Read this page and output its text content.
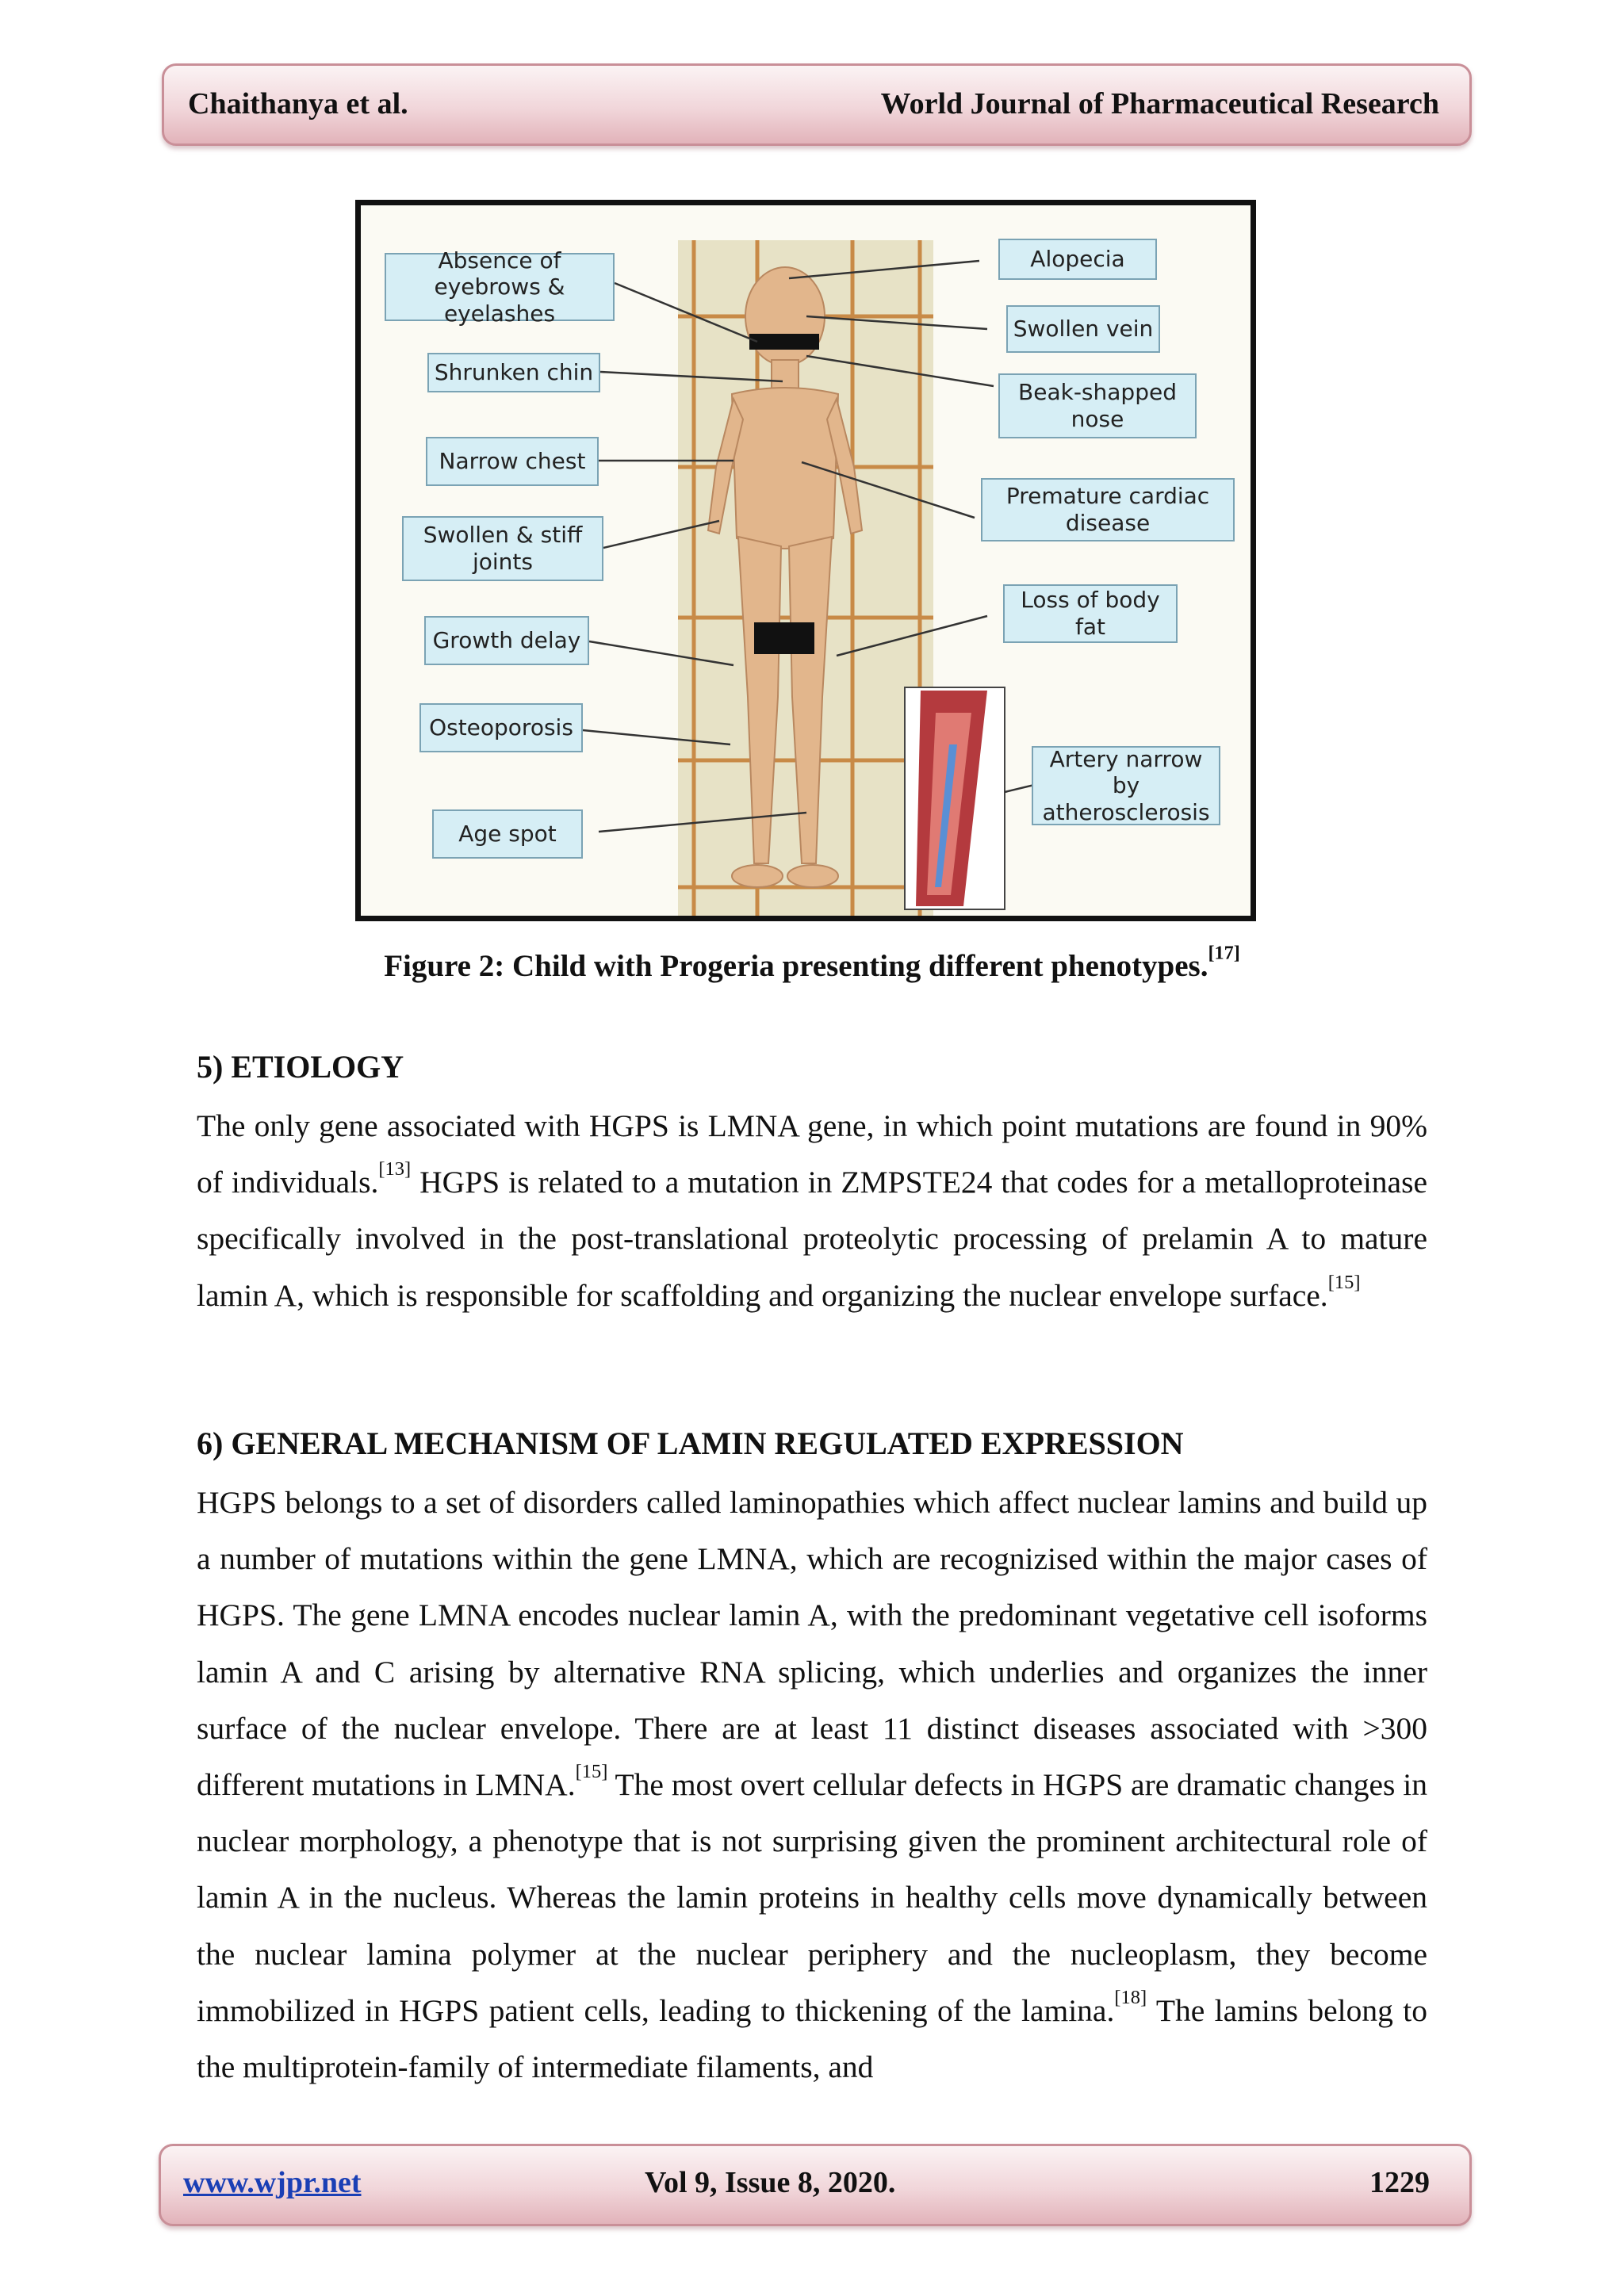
Chaithanya et al.	World Journal of Pharmaceutical Research
Absence of eyebrows & eyelashes
Shrunken chin
Narrow chest
Swollen & stiff joints
Growth delay
Osteoporosis
Age spot
Alopecia
Swollen vein
Beak-shapped nose
Premature cardiac disease
Loss of body fat
Artery narrow by atherosclerosis
Figure 2: Child with Progeria presenting different phenotypes.[17]
5) ETIOLOGY
The only gene associated with HGPS is LMNA gene, in which point mutations are found in 90% of individuals.[13] HGPS is related to a mutation in ZMPSTE24 that codes for a metalloproteinase specifically involved in the post-translational proteolytic processing of prelamin A to mature lamin A, which is responsible for scaffolding and organizing the nuclear envelope surface.[15]
6) GENERAL MECHANISM OF LAMIN REGULATED EXPRESSION
HGPS belongs to a set of disorders called laminopathies which affect nuclear lamins and build up a number of mutations within the gene LMNA, which are recognizised within the major cases of HGPS. The gene LMNA encodes nuclear lamin A, with the predominant vegetative cell isoforms lamin A and C arising by alternative RNA splicing, which underlies and organizes the inner surface of the nuclear envelope. There are at least 11 distinct diseases associated with >300 different mutations in LMNA.[15] The most overt cellular defects in HGPS are dramatic changes in nuclear morphology, a phenotype that is not surprising given the prominent architectural role of lamin A in the nucleus. Whereas the lamin proteins in healthy cells move dynamically between the nuclear lamina polymer at the nuclear periphery and the nucleoplasm, they become immobilized in HGPS patient cells, leading to thickening of the lamina.[18] The lamins belong to the multiprotein-family of intermediate filaments, and
www.wjpr.net	Vol 9, Issue 8, 2020.	1229
